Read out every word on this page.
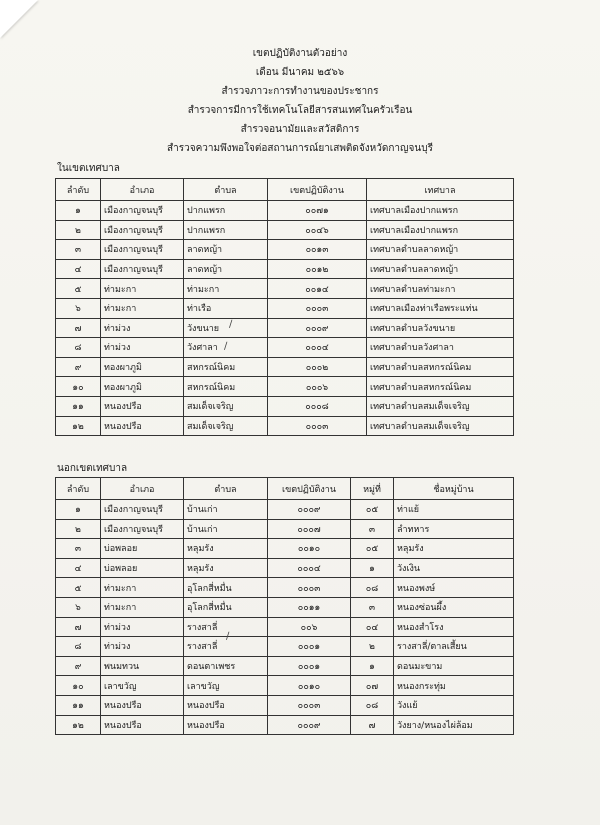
เขตปฏิบัติงานตัวอย่าง
เดือน มีนาคม ๒๕๖๖
สำรวจภาวะการทำงานของประชากร
สำรวจการมีการใช้เทคโนโลยีสารสนเทศในครัวเรือน
สำรวจอนามัยและสวัสดิการ
สำรวจความพึงพอใจต่อสถานการณ์ยาเสพติดจังหวัดกาญจนบุรี
ในเขตเทศบาล
ลำดับ	อำเภอ	ตำบล	เขตปฏิบัติงาน	เทศบาล
๑	เมืองกาญจนบุรี	ปากแพรก	๐๐๗๑	เทศบาลเมืองปากแพรก
๒	เมืองกาญจนบุรี	ปากแพรก	๐๐๔๖	เทศบาลเมืองปากแพรก
๓	เมืองกาญจนบุรี	ลาดหญ้า	๐๐๑๓	เทศบาลตำบลลาดหญ้า
๔	เมืองกาญจนบุรี	ลาดหญ้า	๐๐๑๒	เทศบาลตำบลลาดหญ้า
๕	ท่ามะกา	ท่ามะกา	๐๐๑๔	เทศบาลตำบลท่ามะกา
๖	ท่ามะกา	ท่าเรือ	๐๐๐๓	เทศบาลเมืองท่าเรือพระแท่น
๗	ท่าม่วง	วังขนาย	๐๐๐๙	เทศบาลตำบลวังขนาย
๘	ท่าม่วง	วังศาลา	๐๐๐๔	เทศบาลตำบลวังศาลา
๙	ทองผาภูมิ	สหกรณ์นิคม	๐๐๐๒	เทศบาลตำบลสหกรณ์นิคม
๑๐	ทองผาภูมิ	สหกรณ์นิคม	๐๐๐๖	เทศบาลตำบลสหกรณ์นิคม
๑๑	หนองปรือ	สมเด็จเจริญ	๐๐๐๘	เทศบาลตำบลสมเด็จเจริญ
๑๒	หนองปรือ	สมเด็จเจริญ	๐๐๐๓	เทศบาลตำบลสมเด็จเจริญ
นอกเขตเทศบาล
ลำดับ	อำเภอ	ตำบล	เขตปฏิบัติงาน	หมู่ที่	ชื่อหมู่บ้าน
๑	เมืองกาญจนบุรี	บ้านเก่า	๐๐๐๙	๐๕	ท่าแย้
๒	เมืองกาญจนบุรี	บ้านเก่า	๐๐๐๗	๓	ลำทหาร
๓	บ่อพลอย	หลุมรัง	๐๐๑๐	๐๕	หลุมรัง
๔	บ่อพลอย	หลุมรัง	๐๐๐๔	๑	วังเงิน
๕	ท่ามะกา	อุโลกสี่หมื่น	๐๐๐๓	๐๘	หนองพงษ์
๖	ท่ามะกา	อุโลกสี่หมื่น	๐๐๑๑	๓	หนองซ่อนผึ้ง
๗	ท่าม่วง	รางสาลี่	๐๐๖	๐๔	หนองสำโรง
๘	ท่าม่วง	รางสาลี่	๐๐๐๑	๒	รางสาลี่/ตาลเสี้ยน
๙	พนมทวน	ดอนตาเพชร	๐๐๐๑	๑	ดอนมะขาม
๑๐	เลาขวัญ	เลาขวัญ	๐๐๑๐	๐๗	หนองกระทุ่ม
๑๑	หนองปรือ	หนองปรือ	๐๐๐๓	๐๘	วังแย้
๑๒	หนองปรือ	หนองปรือ	๐๐๐๙	๗	วังยาง/หนองไผ่ล้อม
∕
∕
∕
